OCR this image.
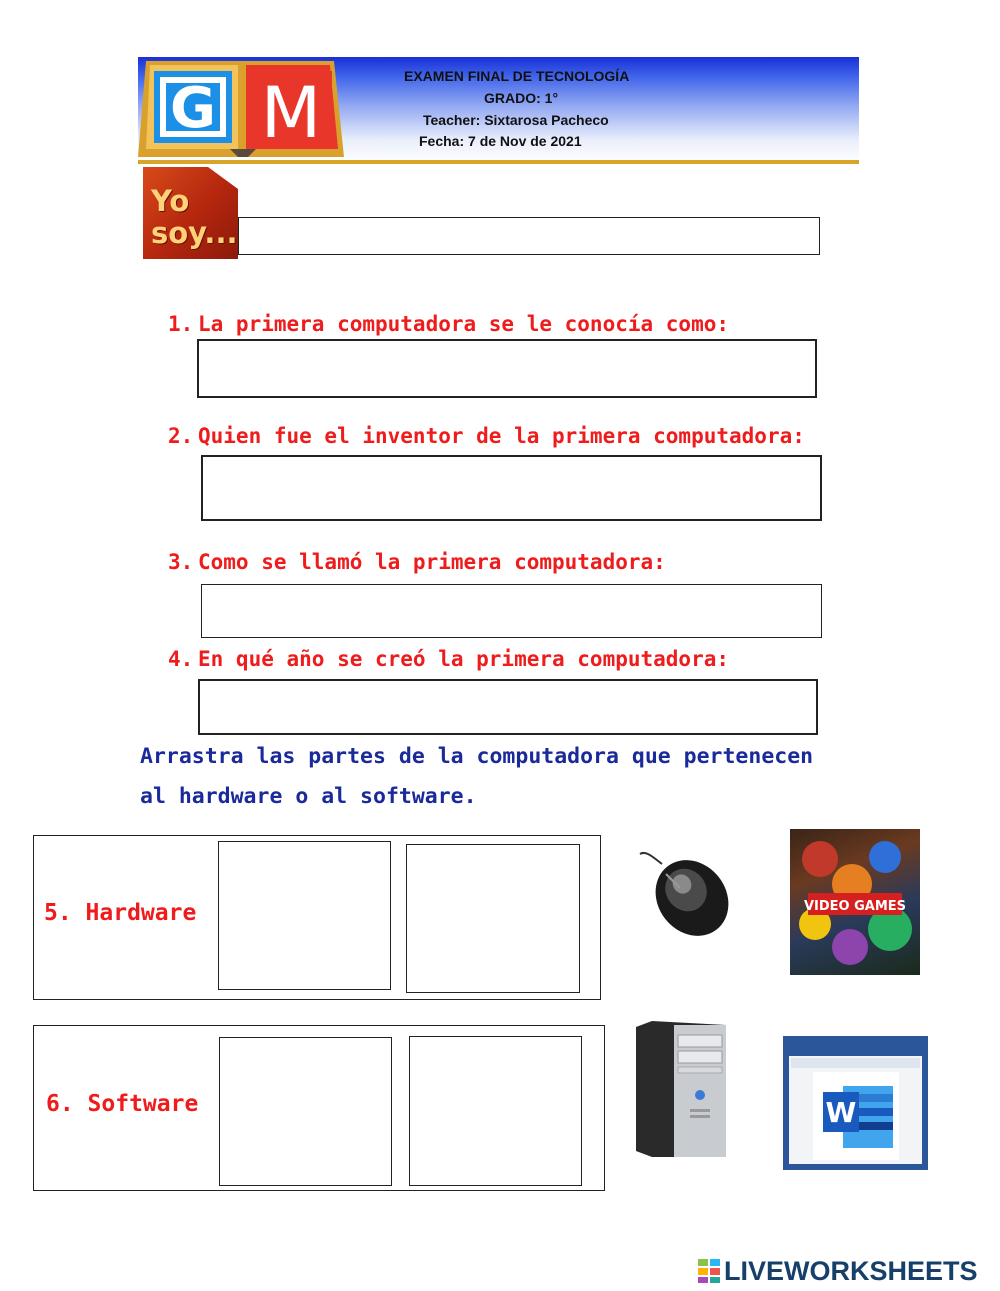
G M	EXAMEN FINAL DE TECNOLOGÍA
GRADO: 1°
Teacher: Sixtarosa Pacheco
Fecha: 7 de Nov de 2021
Yo
soy...
1. La primera computadora se le conocía como:
2. Quien fue el inventor de la primera computadora:
3. Como se llamó la primera computadora:
4. En qué año se creó la primera computadora:
Arrastra las partes de la computadora que pertenecen
al hardware o al software.
5. Hardware
6. Software
VIDEO GAMES
W
LIVEWORKSHEETS
